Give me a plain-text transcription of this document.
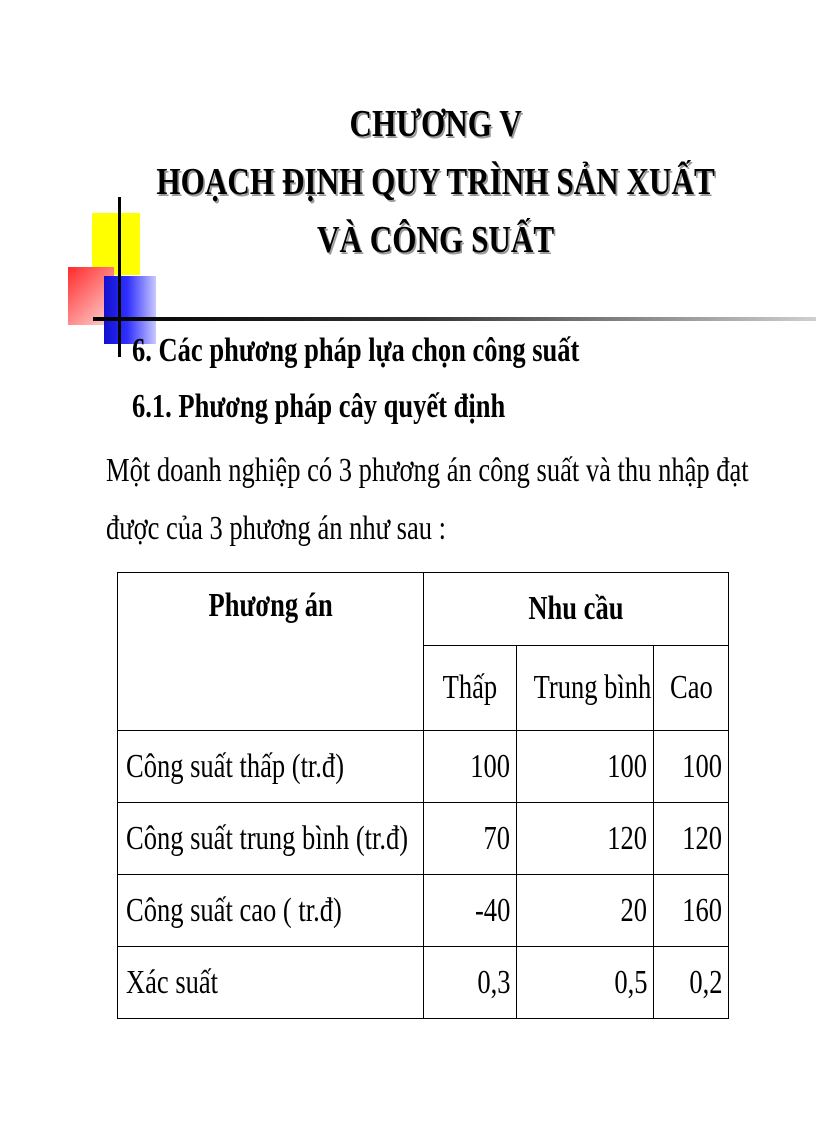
CHƯƠNG V
HOẠCH ĐỊNH QUY TRÌNH SẢN XUẤT
VÀ CÔNG SUẤT
6. Các phương pháp lựa chọn công suất
6.1. Phương pháp cây quyết định
Một doanh nghiệp có 3 phương án công suất và thu nhập đạt
được của 3 phương án như sau :
Phương án	Nhu cầu		
	Thấp	Trung bình	Cao
Công suất thấp (tr.đ)	100	100	100
Công suất trung bình (tr.đ)	70	120	120
Công suất cao ( tr.đ)	-40	20	160
Xác suất	0,3	0,5	0,2
